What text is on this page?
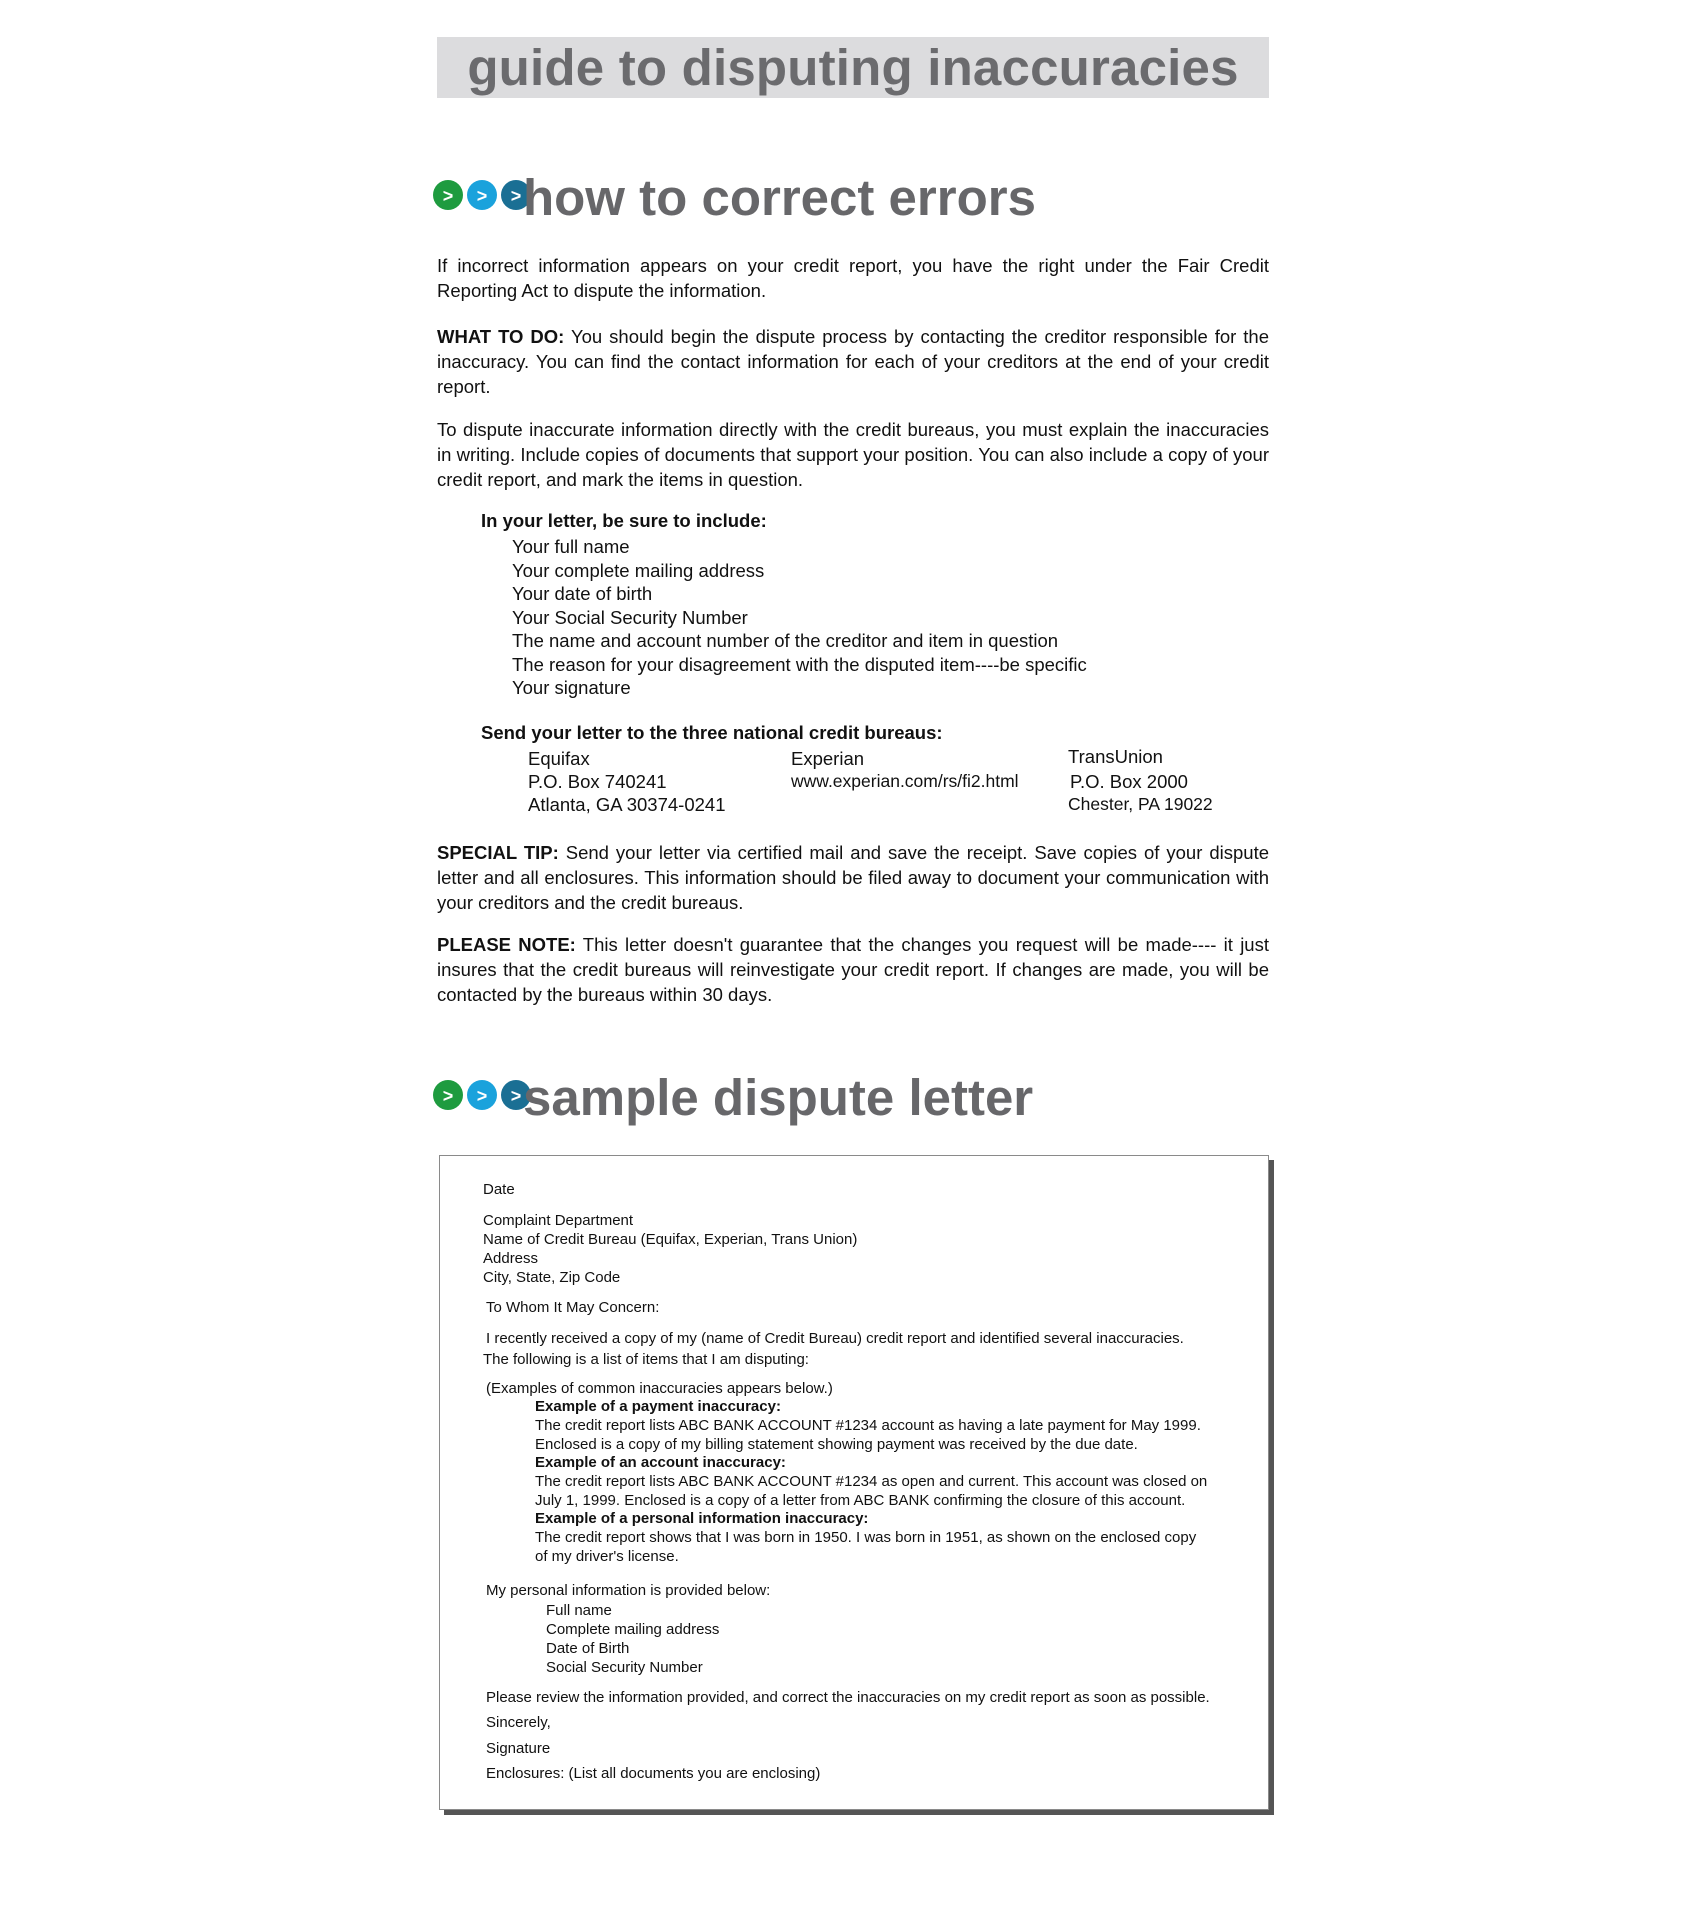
guide to disputing inaccuracies
>	>	> how to correct errors

If incorrect information appears on your credit report, you have the right under the Fair Credit Reporting Act to dispute the information.

WHAT TO DO: You should begin the dispute process by contacting the creditor responsible for the inaccuracy. You can find the contact information for each of your creditors at the end of your credit report.

To dispute inaccurate information directly with the credit bureaus, you must explain the inaccuracies in writing. Include copies of documents that support your position. You can also include a copy of your credit report, and mark the items in question.

In your letter, be sure to include:

Your full name
Your complete mailing address
Your date of birth
Your Social Security Number
The name and account number of the creditor and item in question
The reason for your disagreement with the disputed item----be specific
Your signature

Send your letter to the three national credit bureaus:

Equifax
P.O. Box 740241
Atlanta, GA 30374-0241
Experian
www.experian.com/rs/fi2.html
TransUnion
P.O. Box 2000
Chester, PA 19022

SPECIAL TIP: Send your letter via certified mail and save the receipt. Save copies of your dispute letter and all enclosures. This information should be filed away to document your communication with your creditors and the credit bureaus.

PLEASE NOTE: This letter doesn't guarantee that the changes you request will be made---- it just insures that the credit bureaus will reinvestigate your credit report. If changes are made, you will be contacted by the bureaus within 30 days.

>	>	> sample dispute letter
Date
Complaint Department
Name of Credit Bureau (Equifax, Experian, Trans Union)
Address
City, State, Zip Code
To Whom It May Concern:
I recently received a copy of my (name of Credit Bureau) credit report and identified several inaccuracies.
The following is a list of items that I am disputing:
(Examples of common inaccuracies appears below.)
Example of a payment inaccuracy:
The credit report lists ABC BANK ACCOUNT #1234 account as having a late payment for May 1999.
Enclosed is a copy of my billing statement showing payment was received by the due date.
Example of an account inaccuracy:
The credit report lists ABC BANK ACCOUNT #1234 as open and current. This account was closed on
July 1, 1999. Enclosed is a copy of a letter from ABC BANK confirming the closure of this account.
Example of a personal information inaccuracy:
The credit report shows that I was born in 1950. I was born in 1951, as shown on the enclosed copy
of my driver's license.
My personal information is provided below:
Full name
Complete mailing address
Date of Birth
Social Security Number
Please review the information provided, and correct the inaccuracies on my credit report as soon as possible.
Sincerely,
Signature
Enclosures: (List all documents you are enclosing)
